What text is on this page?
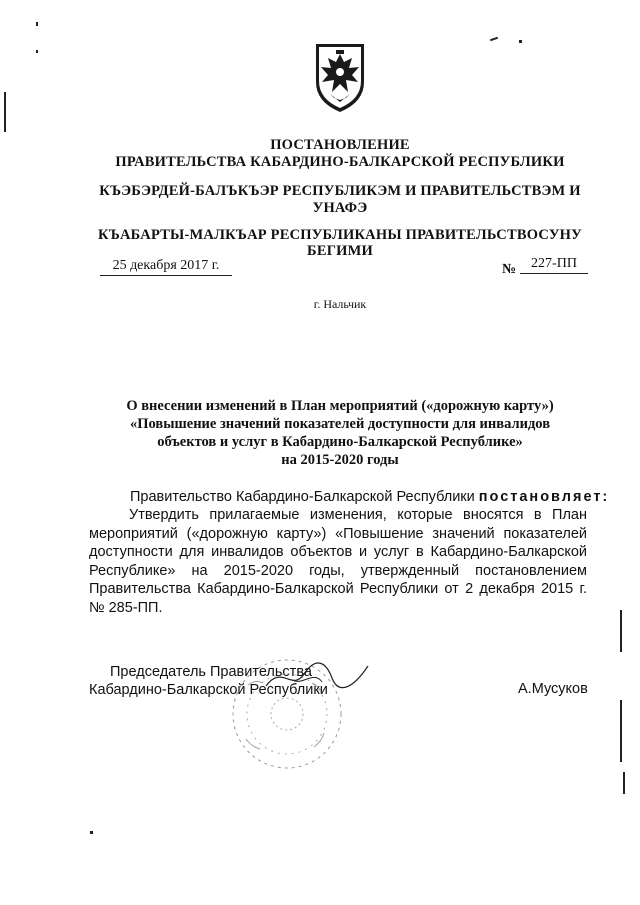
ПОСТАНОВЛЕНИЕ
ПРАВИТЕЛЬСТВА КАБАРДИНО-БАЛКАРСКОЙ РЕСПУБЛИКИ
КЪЭБЭРДЕЙ-БАЛЪКЪЭР РЕСПУБЛИКЭМ И ПРАВИТЕЛЬСТВЭМ И
УНАФЭ
КЪАБАРТЫ-МАЛКЪАР РЕСПУБЛИКАНЫ ПРАВИТЕЛЬСТВОСУНУ
БЕГИМИ
25 декабря 2017 г.	№	227-ПП
г. Нальчик
О внесении изменений в План мероприятий («дорожную карту»)
«Повышение значений показателей доступности для инвалидов
объектов и услуг в Кабардино-Балкарской Республике»
на 2015-2020 годы
Правительство Кабардино-Балкарской Республики постановляет:
Утвердить прилагаемые изменения, которые вносятся в План мероприятий («дорожную карту») «Повышение значений показателей доступности для инвалидов объектов и услуг в Кабардино-Балкарской Республике» на 2015-2020 годы, утвержденный постановлением Правительства Кабардино-Балкарской Республики от 2 декабря 2015 г. № 285-ПП.
Председатель Правительства
Кабардино-Балкарской Республики	А.Мусуков
